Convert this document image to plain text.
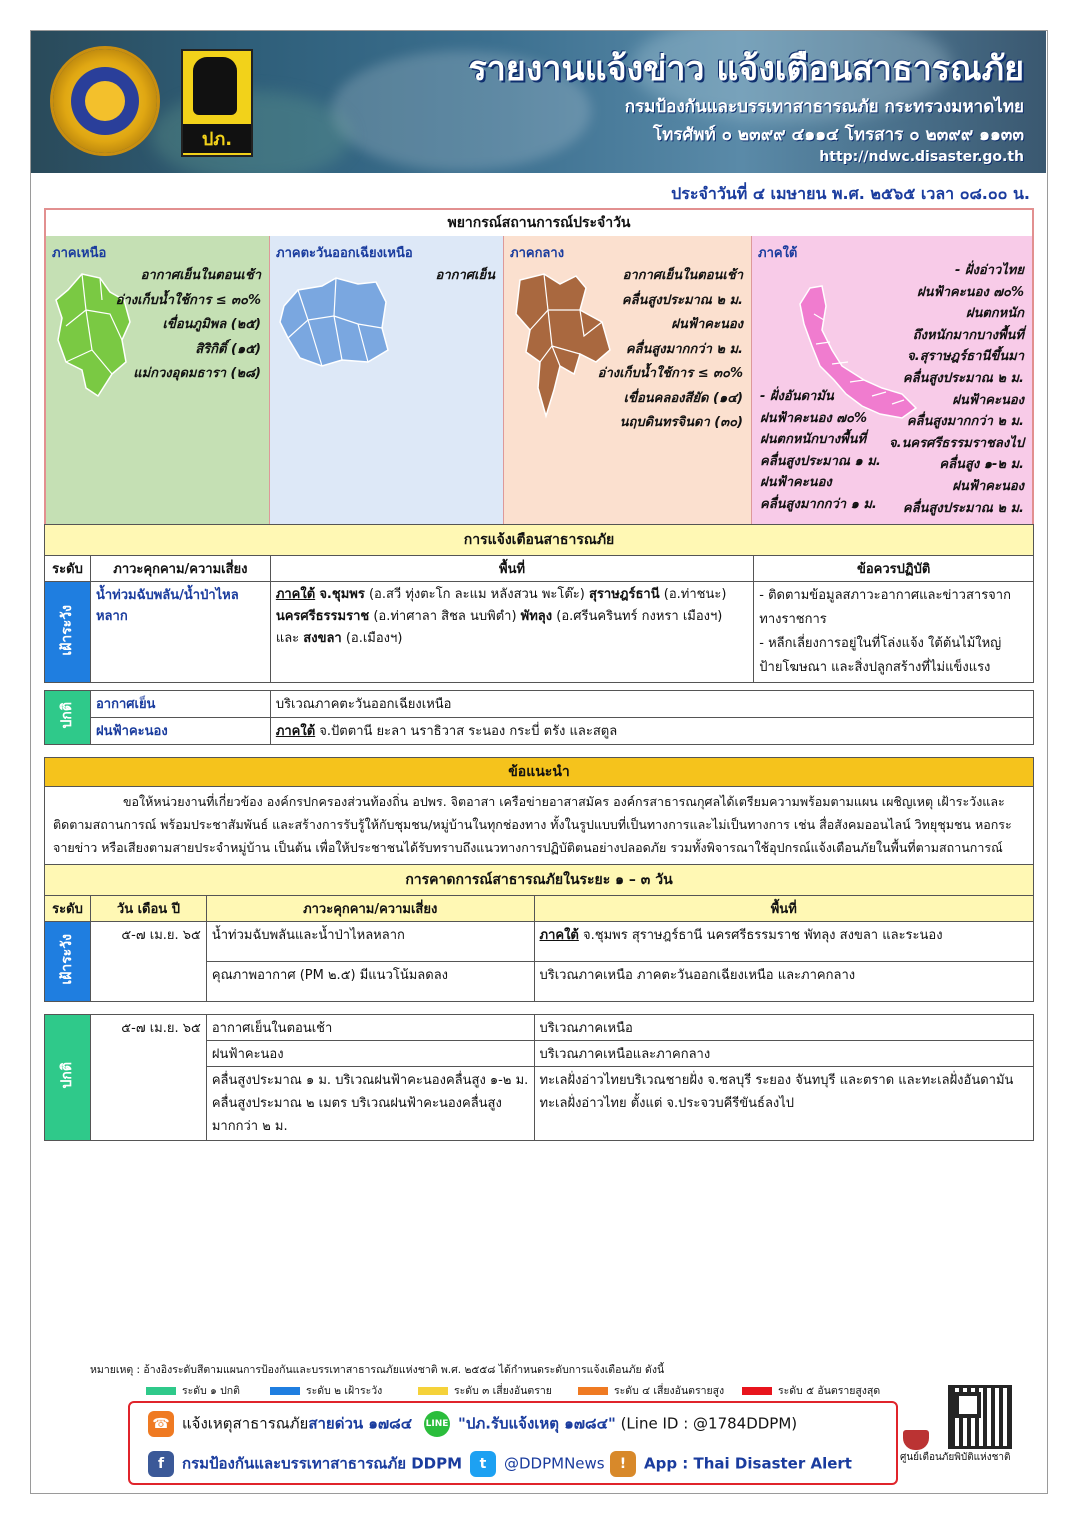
ปภ.
รายงานแจ้งข่าว แจ้งเตือนสาธารณภัย
กรมป้องกันและบรรเทาสาธารณภัย กระทรวงมหาดไทย
โทรศัพท์ ๐ ๒๓๙๙ ๔๑๑๔ โทรสาร ๐ ๒๓๙๙ ๑๑๓๓
http://ndwc.disaster.go.th
ประจำวันที่ ๔ เมษายน พ.ศ. ๒๕๖๕ เวลา ๐๘.๐๐ น.
พยากรณ์สถานการณ์ประจำวัน
ภาคเหนือ
อากาศเย็นในตอนเช้า
อ่างเก็บน้ำใช้การ ≤ ๓๐%
เขื่อนภูมิพล (๒๕)
สิริกิติ์ (๑๕)
แม่กวงอุดมธารา (๒๘)
ภาคตะวันออกเฉียงเหนือ
อากาศเย็น
ภาคกลาง
อากาศเย็นในตอนเช้า
คลื่นสูงประมาณ ๒ ม.
ฝนฟ้าคะนอง
คลื่นสูงมากกว่า ๒ ม.
อ่างเก็บน้ำใช้การ ≤ ๓๐%
เขื่อนคลองสียัด (๑๔)
นฤบดินทรจินดา (๓๐)
ภาคใต้
- ฝั่งอ่าวไทย
ฝนฟ้าคะนอง ๗๐%
ฝนตกหนัก
ถึงหนักมากบางพื้นที่
จ.สุราษฎร์ธานีขึ้นมา
คลื่นสูงประมาณ ๒ ม.
ฝนฟ้าคะนอง
คลื่นสูงมากกว่า ๒ ม.
จ.นครศรีธรรมราชลงไป
คลื่นสูง ๑-๒ ม.
ฝนฟ้าคะนอง
คลื่นสูงประมาณ ๒ ม.
- ฝั่งอันดามัน
ฝนฟ้าคะนอง ๗๐%
ฝนตกหนักบางพื้นที่
คลื่นสูงประมาณ ๑ ม.
ฝนฟ้าคะนอง
คลื่นสูงมากกว่า ๑ ม.
การแจ้งเตือนสาธารณภัย			
ระดับ	ภาวะคุกคาม/ความเสี่ยง	พื้นที่	ข้อควรปฏิบัติ
เฝ้าระวัง	น้ำท่วมฉับพลัน/น้ำป่าไหลหลาก	ภาคใต้ จ.ชุมพร (อ.สวี ทุ่งตะโก ละแม หลังสวน พะโต๊ะ) สุราษฎร์ธานี (อ.ท่าชนะ) นครศรีธรรมราช (อ.ท่าศาลา สิชล นบพิตำ) พัทลุง (อ.ศรีนครินทร์ กงหรา เมืองฯ) และ สงขลา (อ.เมืองฯ)	- ติดตามข้อมูลสภาวะอากาศและข่าวสารจากทางราชการ
- หลีกเลี่ยงการอยู่ในที่โล่งแจ้ง ใต้ต้นไม้ใหญ่ ป้ายโฆษณา และสิ่งปลูกสร้างที่ไม่แข็งแรง
ปกติ	อากาศเย็น	บริเวณภาคตะวันออกเฉียงเหนือ
	ฝนฟ้าคะนอง	ภาคใต้ จ.ปัตตานี ยะลา นราธิวาส ระนอง กระบี่ ตรัง และสตูล
ข้อแนะนำ
ขอให้หน่วยงานที่เกี่ยวข้อง องค์กรปกครองส่วนท้องถิ่น อปพร. จิตอาสา เครือข่ายอาสาสมัคร องค์กรสาธารณกุศลได้เตรียมความพร้อมตามแผน เผชิญเหตุ เฝ้าระวังและติดตามสถานการณ์ พร้อมประชาสัมพันธ์ และสร้างการรับรู้ให้กับชุมชน/หมู่บ้านในทุกช่องทาง ทั้งในรูปแบบที่เป็นทางการและไม่เป็นทางการ เช่น สื่อสังคมออนไลน์ วิทยุชุมชน หอกระจายข่าว หรือเสียงตามสายประจำหมู่บ้าน เป็นต้น เพื่อให้ประชาชนได้รับทราบถึงแนวทางการปฏิบัติตนอย่างปลอดภัย รวมทั้งพิจารณาใช้อุปกรณ์แจ้งเตือนภัยในพื้นที่ตามสถานการณ์
การคาดการณ์สาธารณภัยในระยะ ๑ – ๓ วัน			
ระดับ	วัน เดือน ปี	ภาวะคุกคาม/ความเสี่ยง	พื้นที่
เฝ้าระวัง	๕-๗ เม.ย. ๖๕	น้ำท่วมฉับพลันและน้ำป่าไหลหลาก	ภาคใต้ จ.ชุมพร สุราษฎร์ธานี นครศรีธรรมราช พัทลุง สงขลา และระนอง
		คุณภาพอากาศ (PM ๒.๕) มีแนวโน้มลดลง	บริเวณภาคเหนือ ภาคตะวันออกเฉียงเหนือ และภาคกลาง
ปกติ	๕-๗ เม.ย. ๖๕	อากาศเย็นในตอนเช้า	บริเวณภาคเหนือ
		ฝนฟ้าคะนอง	บริเวณภาคเหนือและภาคกลาง
		คลื่นสูงประมาณ ๑ ม. บริเวณฝนฟ้าคะนองคลื่นสูง ๑-๒ ม. คลื่นสูงประมาณ ๒ เมตร บริเวณฝนฟ้าคะนองคลื่นสูงมากกว่า ๒ ม.	ทะเลฝั่งอ่าวไทยบริเวณชายฝั่ง จ.ชลบุรี ระยอง จันทบุรี และตราด และทะเลฝั่งอันดามัน ทะเลฝั่งอ่าวไทย ตั้งแต่ จ.ประจวบคีรีขันธ์ลงไป
หมายเหตุ : อ้างอิงระดับสีตามแผนการป้องกันและบรรเทาสาธารณภัยแห่งชาติ พ.ศ. ๒๕๕๘ ได้กำหนดระดับการแจ้งเตือนภัย ดังนี้
ระดับ ๑ ปกติ	ระดับ ๒ เฝ้าระวัง	ระดับ ๓ เสี่ยงอันตราย	ระดับ ๔ เสี่ยงอันตรายสูง	ระดับ ๕ อันตรายสูงสุด
☎ แจ้งเหตุสาธารณภัยสายด่วน ๑๗๘๔ LINE "ปภ.รับแจ้งเหตุ ๑๗๘๔" (Line ID : @1784DDPM)
f กรมป้องกันและบรรเทาสาธารณภัย DDPM	t @DDPMNews	! App : Thai Disaster Alert	ศูนย์เตือนภัยพิบัติแห่งชาติ
